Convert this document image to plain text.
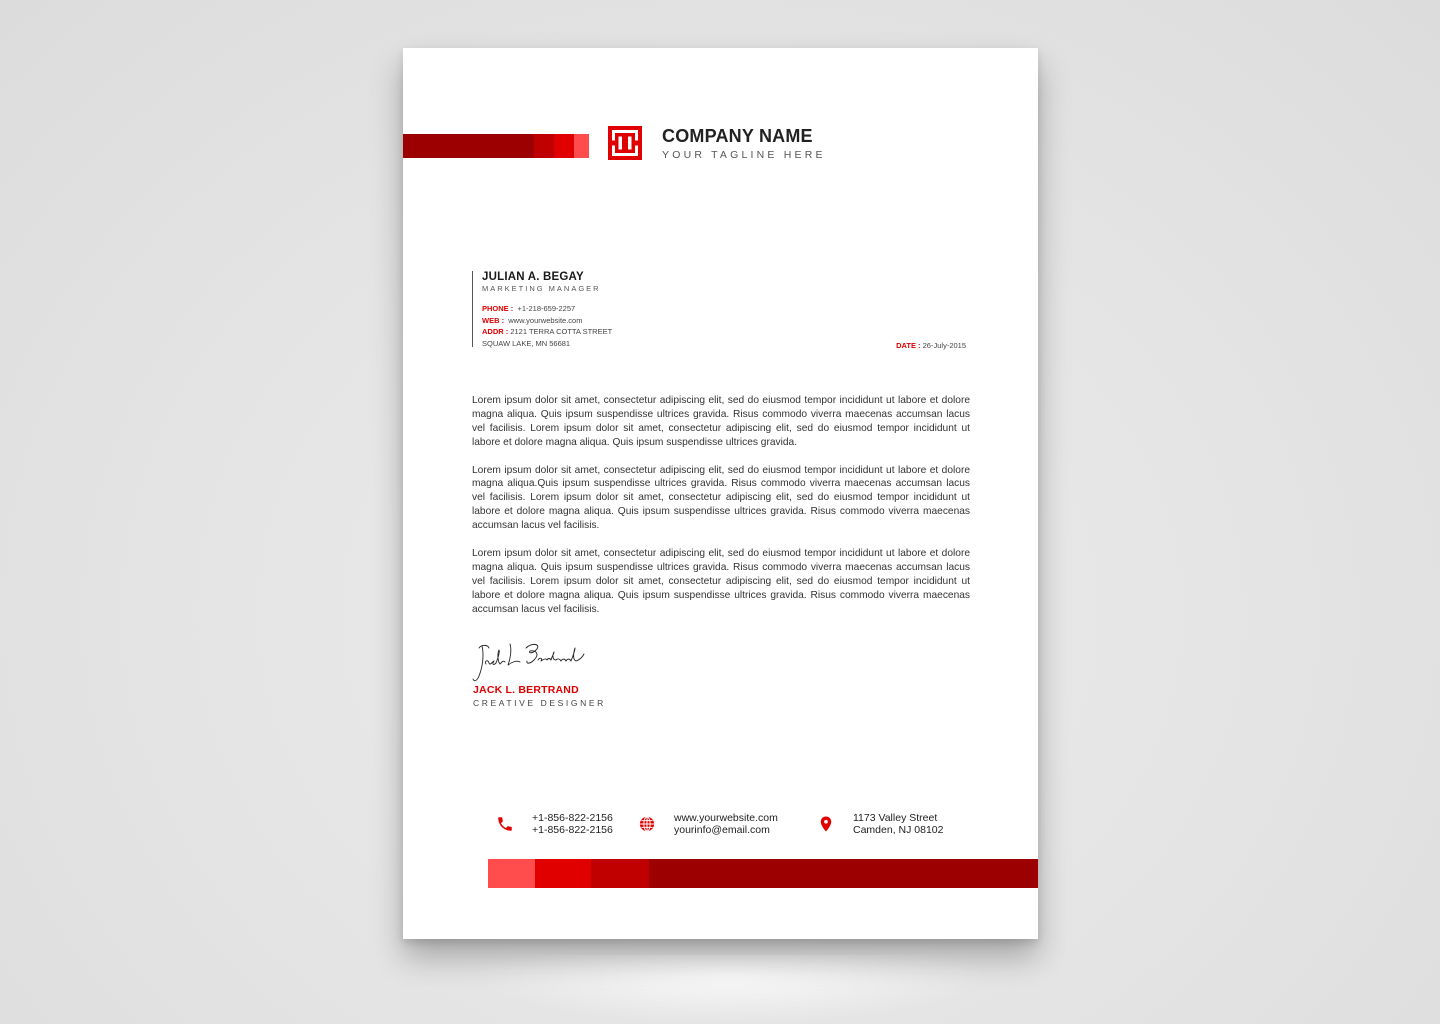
COMPANY NAME
YOUR TAGLINE HERE
JULIAN A. BEGAY
MARKETING MANAGER
PHONE : +1-218-659-2257
WEB : www.yourwebsite.com
ADDR : 2121 TERRA COTTA STREET
SQUAW LAKE, MN 56681	DATE : 26-July-2015

Lorem ipsum dolor sit amet, consectetur adipiscing elit, sed do eiusmod tempor incididunt ut labore et dolore magna aliqua. Quis ipsum suspendisse ultrices gravida. Risus commodo viverra maecenas accumsan lacus vel facilisis. Lorem ipsum dolor sit amet, consectetur adipiscing elit, sed do eiusmod tempor incididunt ut labore et dolore magna aliqua. Quis ipsum suspendisse ultrices gravida.

Lorem ipsum dolor sit amet, consectetur adipiscing elit, sed do eiusmod tempor incididunt ut labore et dolore magna aliqua.Quis ipsum suspendisse ultrices gravida. Risus commodo viverra maecenas accumsan lacus vel facilisis. Lorem ipsum dolor sit amet, consectetur adipiscing elit, sed do eiusmod tempor incididunt ut labore et dolore magna aliqua. Quis ipsum suspendisse ultrices gravida. Risus commodo viverra maecenas accumsan lacus vel facilisis.

Lorem ipsum dolor sit amet, consectetur adipiscing elit, sed do eiusmod tempor incididunt ut labore et dolore magna aliqua. Quis ipsum suspendisse ultrices gravida. Risus commodo viverra maecenas accumsan lacus vel facilisis. Lorem ipsum dolor sit amet, consectetur adipiscing elit, sed do eiusmod tempor incididunt ut labore et dolore magna aliqua. Quis ipsum suspendisse ultrices gravida. Risus commodo viverra maecenas accumsan lacus vel facilisis.

JACK L. BERTRAND
CREATIVE DESIGNER
+1-856-822-2156
+1-856-822-2156
www.yourwebsite.com
yourinfo@email.com
1173 Valley Street
Camden, NJ 08102
